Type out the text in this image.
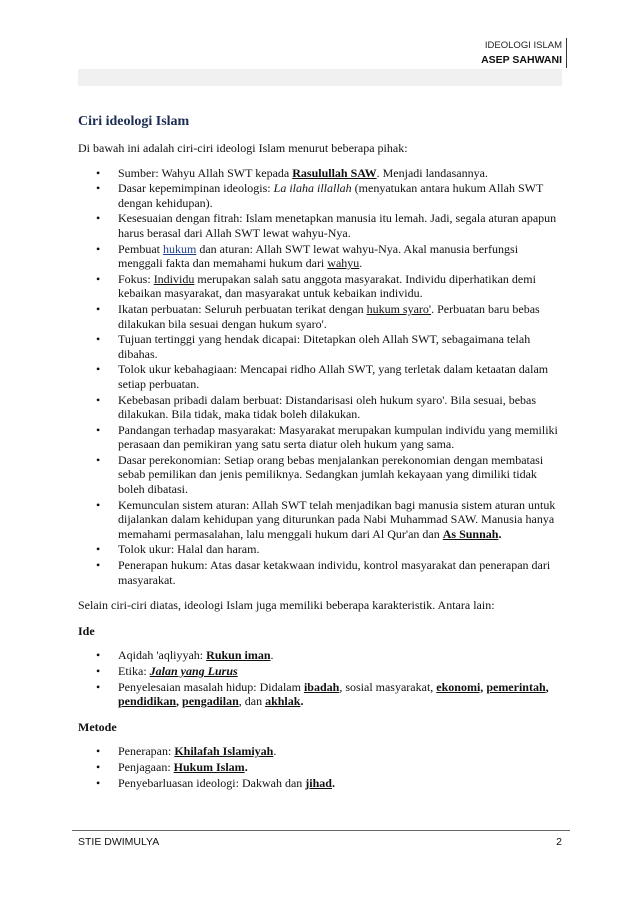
IDEOLOGI ISLAM
ASEP SAHWANI
Ciri ideologi Islam

Di bawah ini adalah ciri-ciri ideologi Islam menurut beberapa pihak:

• Sumber: Wahyu Allah SWT kepada Rasulullah SAW. Menjadi landasannya.
• Dasar kepemimpinan ideologis: La ilaha illallah (menyatukan antara hukum Allah SWT dengan kehidupan).
• Kesesuaian dengan fitrah: Islam menetapkan manusia itu lemah. Jadi, segala aturan apapun harus berasal dari Allah SWT lewat wahyu-Nya.
• Pembuat hukum dan aturan: Allah SWT lewat wahyu-Nya. Akal manusia berfungsi menggali fakta dan memahami hukum dari wahyu.
• Fokus: Individu merupakan salah satu anggota masyarakat. Individu diperhatikan demi kebaikan masyarakat, dan masyarakat untuk kebaikan individu.
• Ikatan perbuatan: Seluruh perbuatan terikat dengan hukum syaro'. Perbuatan baru bebas dilakukan bila sesuai dengan hukum syaro'.
• Tujuan tertinggi yang hendak dicapai: Ditetapkan oleh Allah SWT, sebagaimana telah dibahas.
• Tolok ukur kebahagiaan: Mencapai ridho Allah SWT, yang terletak dalam ketaatan dalam setiap perbuatan.
• Kebebasan pribadi dalam berbuat: Distandarisasi oleh hukum syaro'. Bila sesuai, bebas dilakukan. Bila tidak, maka tidak boleh dilakukan.
• Pandangan terhadap masyarakat: Masyarakat merupakan kumpulan individu yang memiliki perasaan dan pemikiran yang satu serta diatur oleh hukum yang sama.
• Dasar perekonomian: Setiap orang bebas menjalankan perekonomian dengan membatasi sebab pemilikan dan jenis pemiliknya. Sedangkan jumlah kekayaan yang dimiliki tidak boleh dibatasi.
• Kemunculan sistem aturan: Allah SWT telah menjadikan bagi manusia sistem aturan untuk dijalankan dalam kehidupan yang diturunkan pada Nabi Muhammad SAW. Manusia hanya memahami permasalahan, lalu menggali hukum dari Al Qur'an dan As Sunnah.
• Tolok ukur: Halal dan haram.
• Penerapan hukum: Atas dasar ketakwaan individu, kontrol masyarakat dan penerapan dari masyarakat.

Selain ciri-ciri diatas, ideologi Islam juga memiliki beberapa karakteristik. Antara lain:

Ide

• Aqidah 'aqliyyah: Rukun iman.
• Etika: Jalan yang Lurus
• Penyelesaian masalah hidup: Didalam ibadah, sosial masyarakat, ekonomi, pemerintah, pendidikan, pengadilan, dan akhlak.

Metode

• Penerapan: Khilafah Islamiyah.
• Penjagaan: Hukum Islam.
• Penyebarluasan ideologi: Dakwah dan jihad.
STIE DWIMULYA	2
